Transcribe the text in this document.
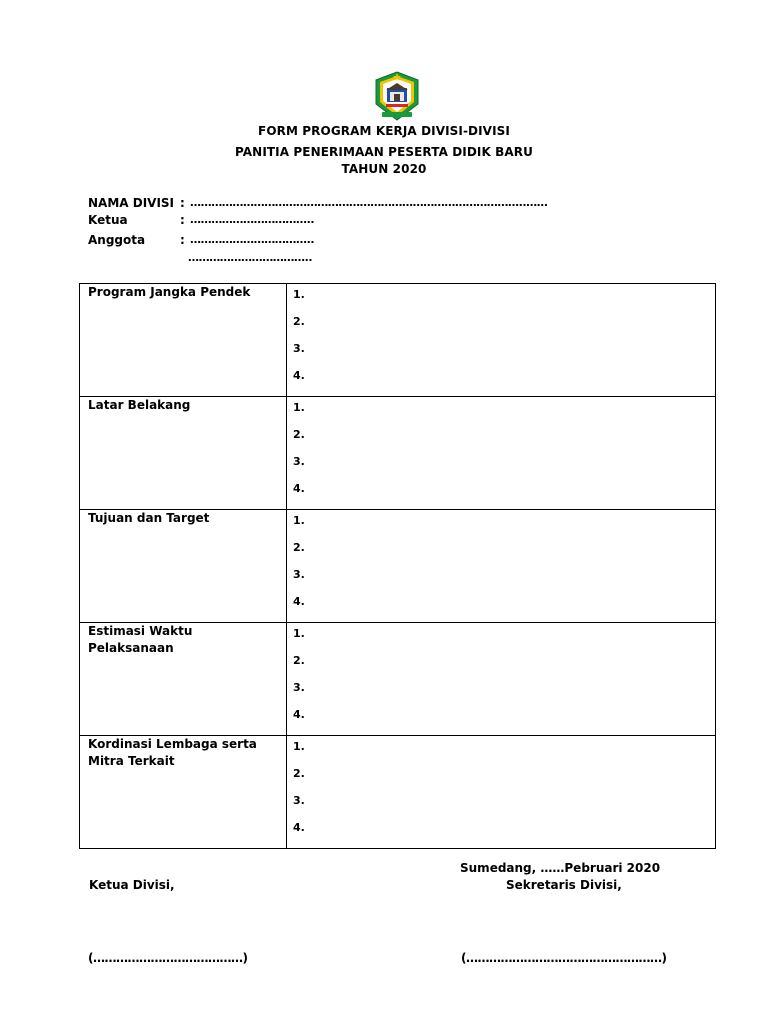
FORM PROGRAM KERJA DIVISI-DIVISI
PANITIA PENERIMAAN PESERTA DIDIK BARU
TAHUN 2020
NAMA DIVISI : …………………………………………………………………………………..……
Ketua	: ……………………………..
Anggota	: ……………………………..
……………………………..
Program Jangka Pendek	1.
2.
3.
4.

Latar Belakang	1.
2.
3.
4.

Tujuan dan Target	1.
2.
3.
4.

Estimasi Waktu Pelaksanaan	1.
2.
3.
4.

Kordinasi Lembaga serta
Mitra Terkait	1.
2.
3.
4.
Sumedang, ……Pebruari 2020
Ketua Divisi,	Sekretaris Divisi,
(…………………………………)	(……………………………………………)
